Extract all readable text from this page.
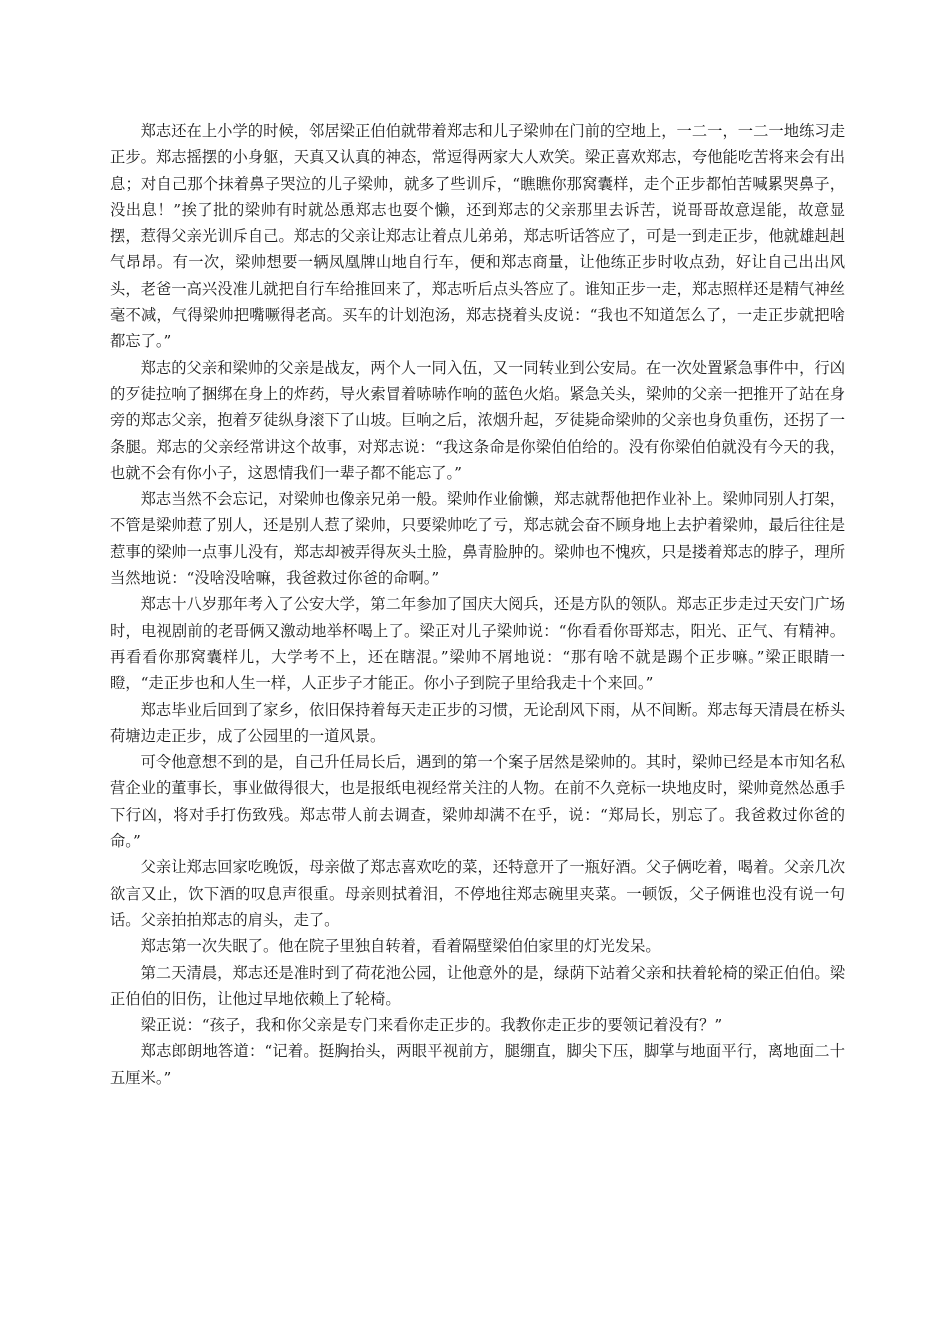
郑志还在上小学的时候，邻居梁正伯伯就带着郑志和儿子梁帅在门前的空地上，一二一，一二一地练习走正步。郑志摇摆的小身躯，天真又认真的神态，常逗得两家大人欢笑。梁正喜欢郑志，夸他能吃苦将来会有出息；对自己那个抹着鼻子哭泣的儿子梁帅，就多了些训斥，“瞧瞧你那窝囊样，走个正步都怕苦喊累哭鼻子，没出息！”挨了批的梁帅有时就怂恿郑志也耍个懒，还到郑志的父亲那里去诉苦，说哥哥故意逞能，故意显摆，惹得父亲光训斥自己。郑志的父亲让郑志让着点儿弟弟，郑志听话答应了，可是一到走正步，他就雄赳赳气昂昂。有一次，梁帅想要一辆凤凰牌山地自行车，便和郑志商量，让他练正步时收点劲，好让自己出出风头，老爸一高兴没准儿就把自行车给推回来了，郑志听后点头答应了。谁知正步一走，郑志照样还是精气神丝毫不减，气得梁帅把嘴噘得老高。买车的计划泡汤，郑志挠着头皮说：“我也不知道怎么了，一走正步就把啥都忘了。”

郑志的父亲和梁帅的父亲是战友，两个人一同入伍，又一同转业到公安局。在一次处置紧急事件中，行凶的歹徒拉响了捆绑在身上的炸药，导火索冒着哧哧作响的蓝色火焰。紧急关头，梁帅的父亲一把推开了站在身旁的郑志父亲，抱着歹徒纵身滚下了山坡。巨响之后，浓烟升起，歹徒毙命梁帅的父亲也身负重伤，还拐了一条腿。郑志的父亲经常讲这个故事，对郑志说：“我这条命是你梁伯伯给的。没有你梁伯伯就没有今天的我，也就不会有你小子，这恩情我们一辈子都不能忘了。”

郑志当然不会忘记，对梁帅也像亲兄弟一般。梁帅作业偷懒，郑志就帮他把作业补上。梁帅同别人打架，不管是梁帅惹了别人，还是别人惹了梁帅，只要梁帅吃了亏，郑志就会奋不顾身地上去护着梁帅，最后往往是惹事的梁帅一点事儿没有，郑志却被弄得灰头土脸，鼻青脸肿的。梁帅也不愧疚，只是搂着郑志的脖子，理所当然地说：“没啥没啥嘛，我爸救过你爸的命啊。”

郑志十八岁那年考入了公安大学，第二年参加了国庆大阅兵，还是方队的领队。郑志正步走过天安门广场时，电视剧前的老哥俩又激动地举杯喝上了。梁正对儿子梁帅说：“你看看你哥郑志，阳光、正气、有精神。再看看你那窝囊样儿，大学考不上，还在瞎混。”梁帅不屑地说：“那有啥不就是踢个正步嘛。”梁正眼睛一瞪，“走正步也和人生一样，人正步子才能正。你小子到院子里给我走十个来回。”

郑志毕业后回到了家乡，依旧保持着每天走正步的习惯，无论刮风下雨，从不间断。郑志每天清晨在桥头荷塘边走正步，成了公园里的一道风景。

可令他意想不到的是，自己升任局长后，遇到的第一个案子居然是梁帅的。其时，梁帅已经是本市知名私营企业的董事长，事业做得很大，也是报纸电视经常关注的人物。在前不久竞标一块地皮时，梁帅竟然怂恿手下行凶，将对手打伤致残。郑志带人前去调查，梁帅却满不在乎，说：“郑局长，别忘了。我爸救过你爸的命。”

父亲让郑志回家吃晚饭，母亲做了郑志喜欢吃的菜，还特意开了一瓶好酒。父子俩吃着，喝着。父亲几次欲言又止，饮下酒的叹息声很重。母亲则拭着泪，不停地往郑志碗里夹菜。一顿饭，父子俩谁也没有说一句话。父亲拍拍郑志的肩头，走了。

郑志第一次失眠了。他在院子里独自转着，看着隔壁梁伯伯家里的灯光发呆。

第二天清晨，郑志还是准时到了荷花池公园，让他意外的是，绿荫下站着父亲和扶着轮椅的梁正伯伯。梁正伯伯的旧伤，让他过早地依赖上了轮椅。

梁正说：“孩子，我和你父亲是专门来看你走正步的。我教你走正步的要领记着没有？”

郑志郎朗地答道：“记着。挺胸抬头，两眼平视前方，腿绷直，脚尖下压，脚掌与地面平行，离地面二十五厘米。”
